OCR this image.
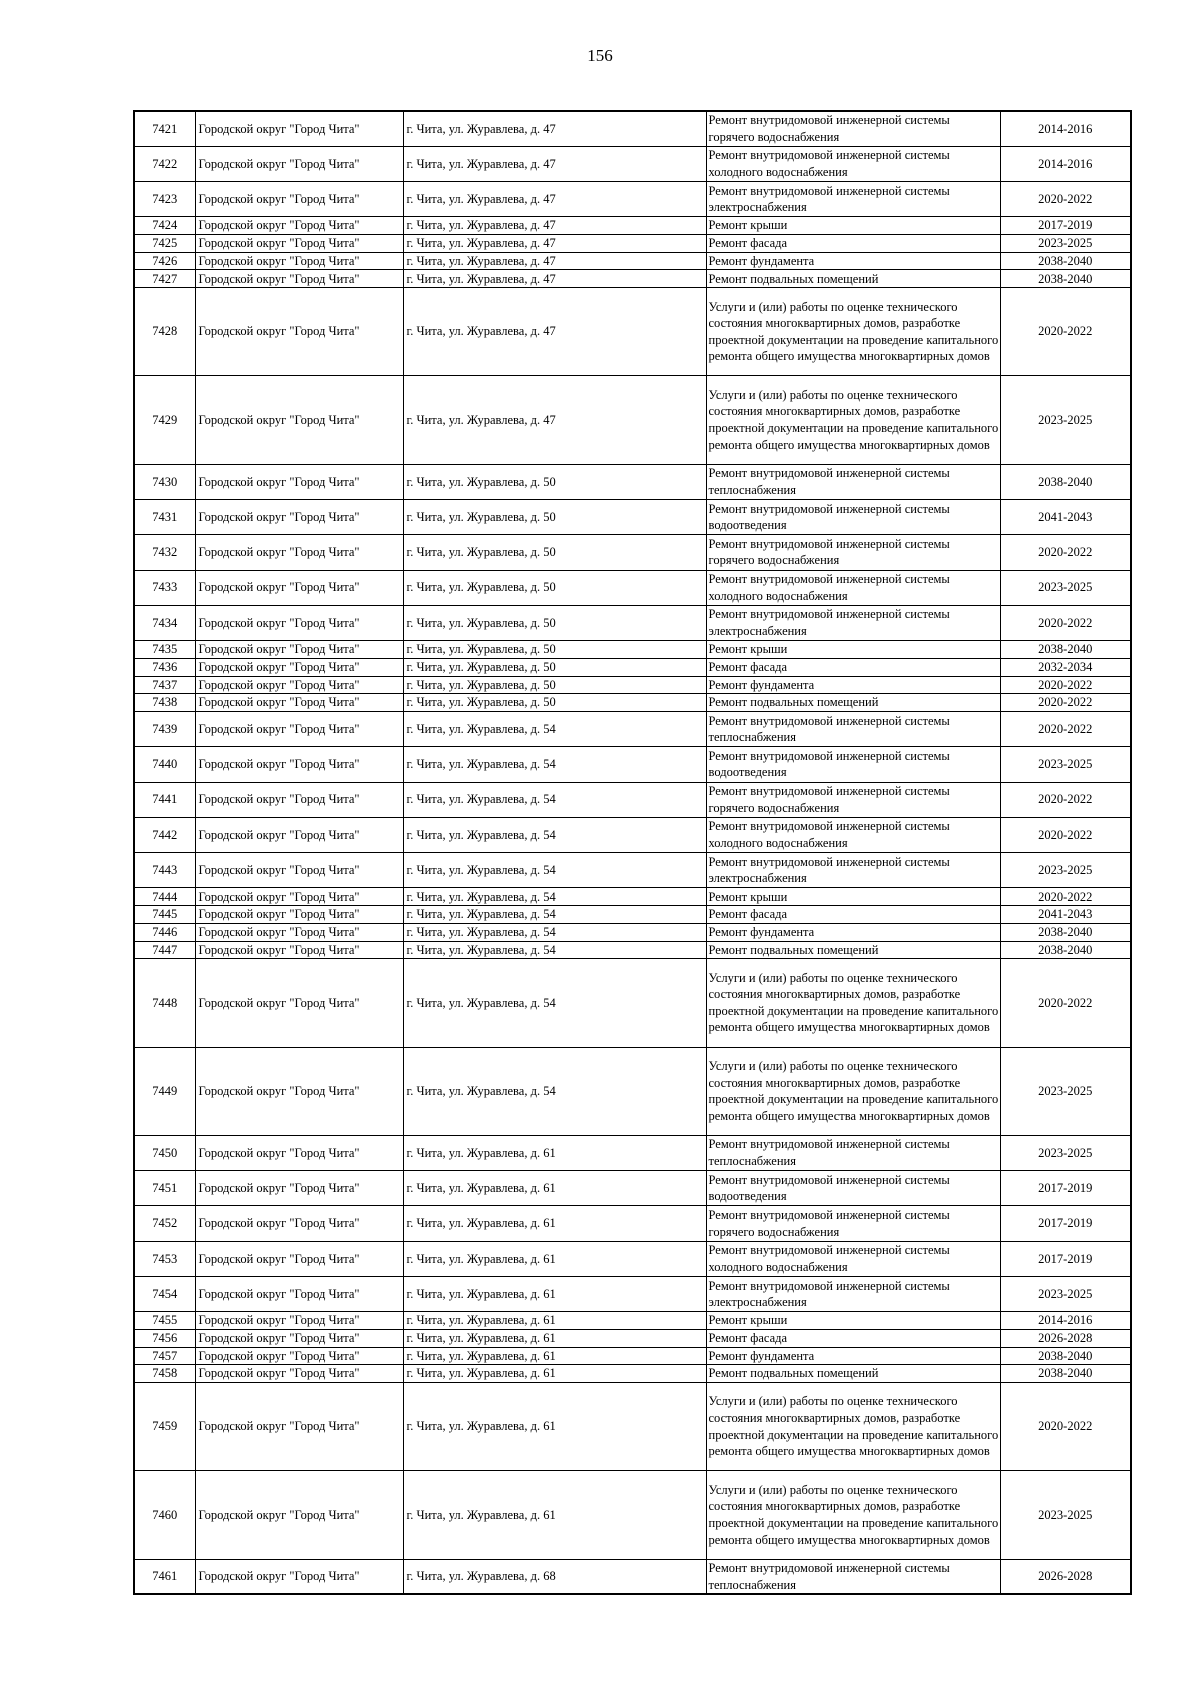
156
7421	Городской округ "Город Чита"	г. Чита, ул. Журавлева, д. 47	Ремонт внутридомовой инженерной системы горячего водоснабжения	2014-2016
7422	Городской округ "Город Чита"	г. Чита, ул. Журавлева, д. 47	Ремонт внутридомовой инженерной системы холодного водоснабжения	2014-2016
7423	Городской округ "Город Чита"	г. Чита, ул. Журавлева, д. 47	Ремонт внутридомовой инженерной системы электроснабжения	2020-2022
7424	Городской округ "Город Чита"	г. Чита, ул. Журавлева, д. 47	Ремонт крыши	2017-2019
7425	Городской округ "Город Чита"	г. Чита, ул. Журавлева, д. 47	Ремонт фасада	2023-2025
7426	Городской округ "Город Чита"	г. Чита, ул. Журавлева, д. 47	Ремонт фундамента	2038-2040
7427	Городской округ "Город Чита"	г. Чита, ул. Журавлева, д. 47	Ремонт подвальных помещений	2038-2040
7428	Городской округ "Город Чита"	г. Чита, ул. Журавлева, д. 47	Услуги и (или) работы по оценке технического состояния многоквартирных домов, разработке проектной документации на проведение капитального ремонта общего имущества многоквартирных домов	2020-2022
7429	Городской округ "Город Чита"	г. Чита, ул. Журавлева, д. 47	Услуги и (или) работы по оценке технического состояния многоквартирных домов, разработке проектной документации на проведение капитального ремонта общего имущества многоквартирных домов	2023-2025
7430	Городской округ "Город Чита"	г. Чита, ул. Журавлева, д. 50	Ремонт внутридомовой инженерной системы теплоснабжения	2038-2040
7431	Городской округ "Город Чита"	г. Чита, ул. Журавлева, д. 50	Ремонт внутридомовой инженерной системы водоотведения	2041-2043
7432	Городской округ "Город Чита"	г. Чита, ул. Журавлева, д. 50	Ремонт внутридомовой инженерной системы горячего водоснабжения	2020-2022
7433	Городской округ "Город Чита"	г. Чита, ул. Журавлева, д. 50	Ремонт внутридомовой инженерной системы холодного водоснабжения	2023-2025
7434	Городской округ "Город Чита"	г. Чита, ул. Журавлева, д. 50	Ремонт внутридомовой инженерной системы электроснабжения	2020-2022
7435	Городской округ "Город Чита"	г. Чита, ул. Журавлева, д. 50	Ремонт крыши	2038-2040
7436	Городской округ "Город Чита"	г. Чита, ул. Журавлева, д. 50	Ремонт фасада	2032-2034
7437	Городской округ "Город Чита"	г. Чита, ул. Журавлева, д. 50	Ремонт фундамента	2020-2022
7438	Городской округ "Город Чита"	г. Чита, ул. Журавлева, д. 50	Ремонт подвальных помещений	2020-2022
7439	Городской округ "Город Чита"	г. Чита, ул. Журавлева, д. 54	Ремонт внутридомовой инженерной системы теплоснабжения	2020-2022
7440	Городской округ "Город Чита"	г. Чита, ул. Журавлева, д. 54	Ремонт внутридомовой инженерной системы водоотведения	2023-2025
7441	Городской округ "Город Чита"	г. Чита, ул. Журавлева, д. 54	Ремонт внутридомовой инженерной системы горячего водоснабжения	2020-2022
7442	Городской округ "Город Чита"	г. Чита, ул. Журавлева, д. 54	Ремонт внутридомовой инженерной системы холодного водоснабжения	2020-2022
7443	Городской округ "Город Чита"	г. Чита, ул. Журавлева, д. 54	Ремонт внутридомовой инженерной системы электроснабжения	2023-2025
7444	Городской округ "Город Чита"	г. Чита, ул. Журавлева, д. 54	Ремонт крыши	2020-2022
7445	Городской округ "Город Чита"	г. Чита, ул. Журавлева, д. 54	Ремонт фасада	2041-2043
7446	Городской округ "Город Чита"	г. Чита, ул. Журавлева, д. 54	Ремонт фундамента	2038-2040
7447	Городской округ "Город Чита"	г. Чита, ул. Журавлева, д. 54	Ремонт подвальных помещений	2038-2040
7448	Городской округ "Город Чита"	г. Чита, ул. Журавлева, д. 54	Услуги и (или) работы по оценке технического состояния многоквартирных домов, разработке проектной документации на проведение капитального ремонта общего имущества многоквартирных домов	2020-2022
7449	Городской округ "Город Чита"	г. Чита, ул. Журавлева, д. 54	Услуги и (или) работы по оценке технического состояния многоквартирных домов, разработке проектной документации на проведение капитального ремонта общего имущества многоквартирных домов	2023-2025
7450	Городской округ "Город Чита"	г. Чита, ул. Журавлева, д. 61	Ремонт внутридомовой инженерной системы теплоснабжения	2023-2025
7451	Городской округ "Город Чита"	г. Чита, ул. Журавлева, д. 61	Ремонт внутридомовой инженерной системы водоотведения	2017-2019
7452	Городской округ "Город Чита"	г. Чита, ул. Журавлева, д. 61	Ремонт внутридомовой инженерной системы горячего водоснабжения	2017-2019
7453	Городской округ "Город Чита"	г. Чита, ул. Журавлева, д. 61	Ремонт внутридомовой инженерной системы холодного водоснабжения	2017-2019
7454	Городской округ "Город Чита"	г. Чита, ул. Журавлева, д. 61	Ремонт внутридомовой инженерной системы электроснабжения	2023-2025
7455	Городской округ "Город Чита"	г. Чита, ул. Журавлева, д. 61	Ремонт крыши	2014-2016
7456	Городской округ "Город Чита"	г. Чита, ул. Журавлева, д. 61	Ремонт фасада	2026-2028
7457	Городской округ "Город Чита"	г. Чита, ул. Журавлева, д. 61	Ремонт фундамента	2038-2040
7458	Городской округ "Город Чита"	г. Чита, ул. Журавлева, д. 61	Ремонт подвальных помещений	2038-2040
7459	Городской округ "Город Чита"	г. Чита, ул. Журавлева, д. 61	Услуги и (или) работы по оценке технического состояния многоквартирных домов, разработке проектной документации на проведение капитального ремонта общего имущества многоквартирных домов	2020-2022
7460	Городской округ "Город Чита"	г. Чита, ул. Журавлева, д. 61	Услуги и (или) работы по оценке технического состояния многоквартирных домов, разработке проектной документации на проведение капитального ремонта общего имущества многоквартирных домов	2023-2025
7461	Городской округ "Город Чита"	г. Чита, ул. Журавлева, д. 68	Ремонт внутридомовой инженерной системы теплоснабжения	2026-2028
